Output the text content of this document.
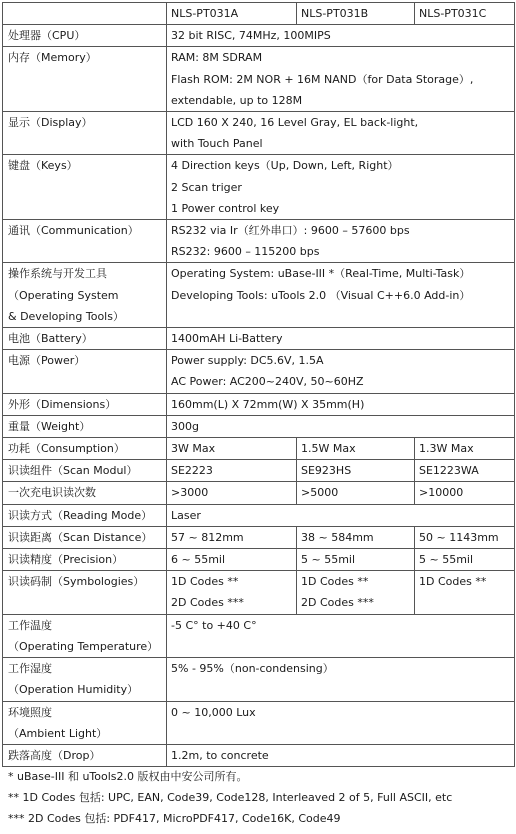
	NLS-PT031A	NLS-PT031B	NLS-PT031C

处理器（CPU）	32 bit RISC, 74MHz, 100MIPS		

内存（Memory）	RAM: 8M SDRAM
Flash ROM: 2M NOR + 16M NAND（for Data Storage）,
extendable, up to 128M		

显示（Display）	LCD 160 X 240, 16 Level Gray, EL back-light,
with Touch Panel		

键盘（Keys）	4 Direction keys（Up, Down, Left, Right）
2 Scan triger
1 Power control key		

通讯（Communication）	RS232 via Ir（红外串口）: 9600 – 57600 bps
RS232: 9600 – 115200 bps		

操作系统与开发工具
（Operating System
& Developing Tools）	Operating System: uBase-III *（Real-Time, Multi-Task）
Developing Tools: uTools 2.0 （Visual C++6.0 Add-in）		

电池（Battery）	1400mAH Li-Battery		

电源（Power）	Power supply: DC5.6V, 1.5A
AC Power: AC200~240V, 50~60HZ		

外形（Dimensions）	160mm(L) X 72mm(W) X 35mm(H)		

重量（Weight）	300g		

功耗（Consumption）	3W Max	1.5W Max	1.3W Max

识读组件（Scan Modul）	SE2223	SE923HS	SE1223WA

一次充电识读次数	>3000	>5000	>10000

识读方式（Reading Mode）	Laser		

识读距离（Scan Distance）	57 ~ 812mm	38 ~ 584mm	50 ~ 1143mm

识读精度（Precision）	6 ~ 55mil	5 ~ 55mil	5 ~ 55mil

识读码制（Symbologies）	1D Codes **
2D Codes ***	1D Codes **
2D Codes ***	1D Codes **

工作温度
（Operating Temperature）	-5 C° to +40 C°		

工作湿度
（Operation Humidity）	5% - 95%（non-condensing）		

环境照度
（Ambient Light）	0 ~ 10,000 Lux		

跌落高度（Drop）	1.2m, to concrete		
* uBase-III 和 uTools2.0 版权由中安公司所有。
** 1D Codes 包括: UPC, EAN, Code39, Code128, Interleaved 2 of 5, Full ASCII, etc
*** 2D Codes 包括: PDF417, MicroPDF417, Code16K, Code49
